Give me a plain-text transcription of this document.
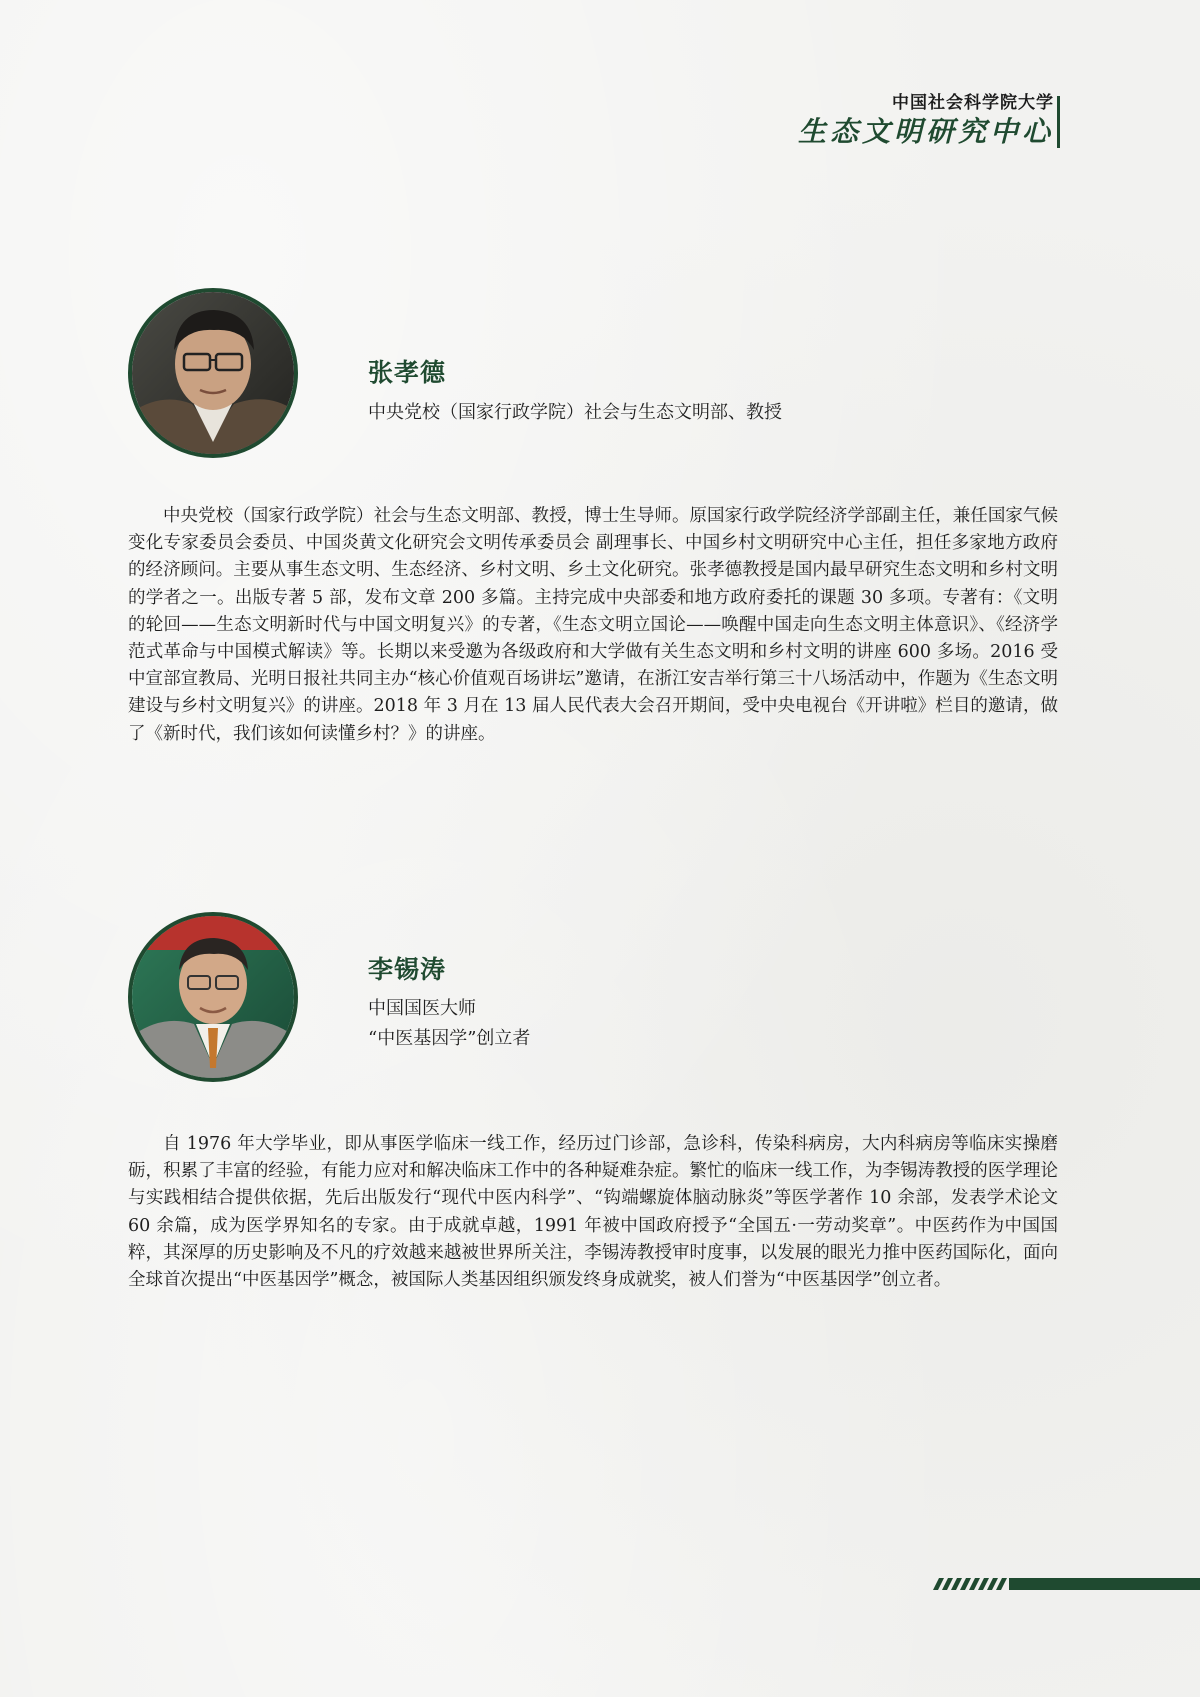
中国社会科学院大学
生态文明研究中心
张孝德
中央党校（国家行政学院）社会与生态文明部、教授

中央党校（国家行政学院）社会与生态文明部、教授，博士生导师。原国家行政学院经济学部副主任，兼任国家气候变化专家委员会委员、中国炎黄文化研究会文明传承委员会 副理事长、中国乡村文明研究中心主任，担任多家地方政府的经济顾问。主要从事生态文明、生态经济、乡村文明、乡土文化研究。张孝德教授是国内最早研究生态文明和乡村文明的学者之一。出版专著 5 部，发布文章 200 多篇。主持完成中央部委和地方政府委托的课题 30 多项。专著有：《文明的轮回——生态文明新时代与中国文明复兴》的专著，《生态文明立国论——唤醒中国走向生态文明主体意识》、《经济学范式革命与中国模式解读》等。长期以来受邀为各级政府和大学做有关生态文明和乡村文明的讲座 600 多场。2016 受中宣部宣教局、光明日报社共同主办“核心价值观百场讲坛”邀请，在浙江安吉举行第三十八场活动中，作题为《生态文明建设与乡村文明复兴》的讲座。2018 年 3 月在 13 届人民代表大会召开期间，受中央电视台《开讲啦》栏目的邀请，做了《新时代，我们该如何读懂乡村？》的讲座。

李锡涛
中国国医大师
“中医基因学”创立者

自 1976 年大学毕业，即从事医学临床一线工作，经历过门诊部，急诊科，传染科病房，大内科病房等临床实操磨砺，积累了丰富的经验，有能力应对和解决临床工作中的各种疑难杂症。繁忙的临床一线工作，为李锡涛教授的医学理论与实践相结合提供依据，先后出版发行“现代中医内科学”、“钩端螺旋体脑动脉炎”等医学著作 10 余部，发表学术论文 60 余篇，成为医学界知名的专家。由于成就卓越，1991 年被中国政府授予“全国五·一劳动奖章”。中医药作为中国国粹，其深厚的历史影响及不凡的疗效越来越被世界所关注，李锡涛教授审时度事，以发展的眼光力推中医药国际化，面向全球首次提出“中医基因学”概念，被国际人类基因组织颁发终身成就奖，被人们誉为“中医基因学”创立者。
